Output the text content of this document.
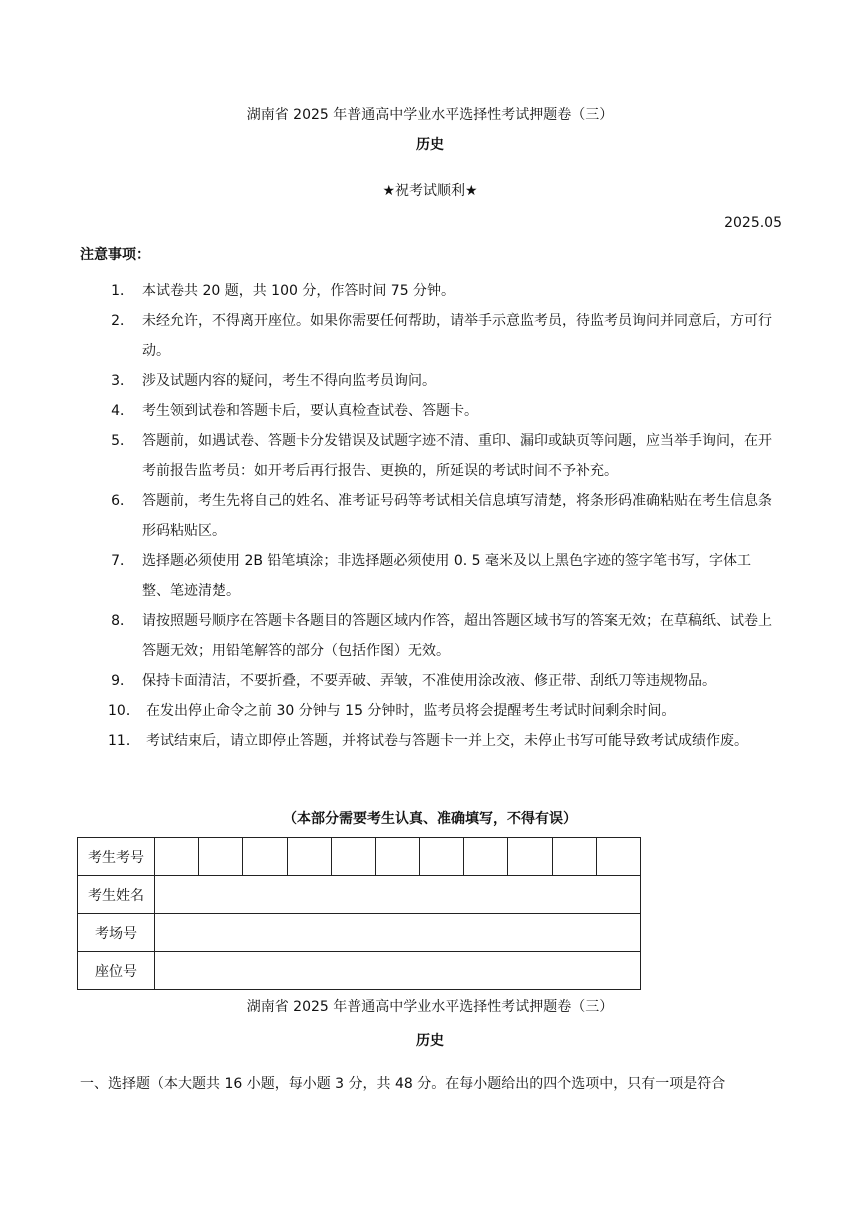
湖南省 2025 年普通高中学业水平选择性考试押题卷（三）
历史
★祝考试顺利★
2025.05
注意事项：
1． 本试卷共 20 题，共 100 分，作答时间 75 分钟。
2． 未经允许，不得离开座位。如果你需要任何帮助，请举手示意监考员，待监考员询问并同意后，方可行动。
3． 涉及试题内容的疑问，考生不得向监考员询问。
4． 考生领到试卷和答题卡后，要认真检查试卷、答题卡。
5． 答题前，如遇试卷、答题卡分发错误及试题字迹不清、重印、漏印或缺页等问题，应当举手询问，在开考前报告监考员：如开考后再行报告、更换的，所延误的考试时间不予补充。
6． 答题前，考生先将自己的姓名、准考证号码等考试相关信息填写清楚，将条形码准确粘贴在考生信息条形码粘贴区。
7． 选择题必须使用 2B 铅笔填涂；非选择题必须使用 0. 5 毫米及以上黑色字迹的签字笔书写，字体工整、笔迹清楚。
8． 请按照题号顺序在答题卡各题目的答题区域内作答，超出答题区域书写的答案无效；在草稿纸、试卷上答题无效；用铅笔解答的部分（包括作图）无效。
9． 保持卡面清洁，不要折叠，不要弄破、弄皱，不准使用涂改液、修正带、刮纸刀等违规物品。
10． 在发出停止命令之前 30 分钟与 15 分钟时，监考员将会提醒考生考试时间剩余时间。
11． 考试结束后，请立即停止答题，并将试卷与答题卡一并上交，未停止书写可能导致考试成绩作废。
（本部分需要考生认真、准确填写，不得有误）
考生考号											
考生姓名											
考场号											
座位号											
湖南省 2025 年普通高中学业水平选择性考试押题卷（三）
历史
一、选择题（本大题共 16 小题，每小题 3 分，共 48 分。在每小题给出的四个选项中，只有一项是符合
